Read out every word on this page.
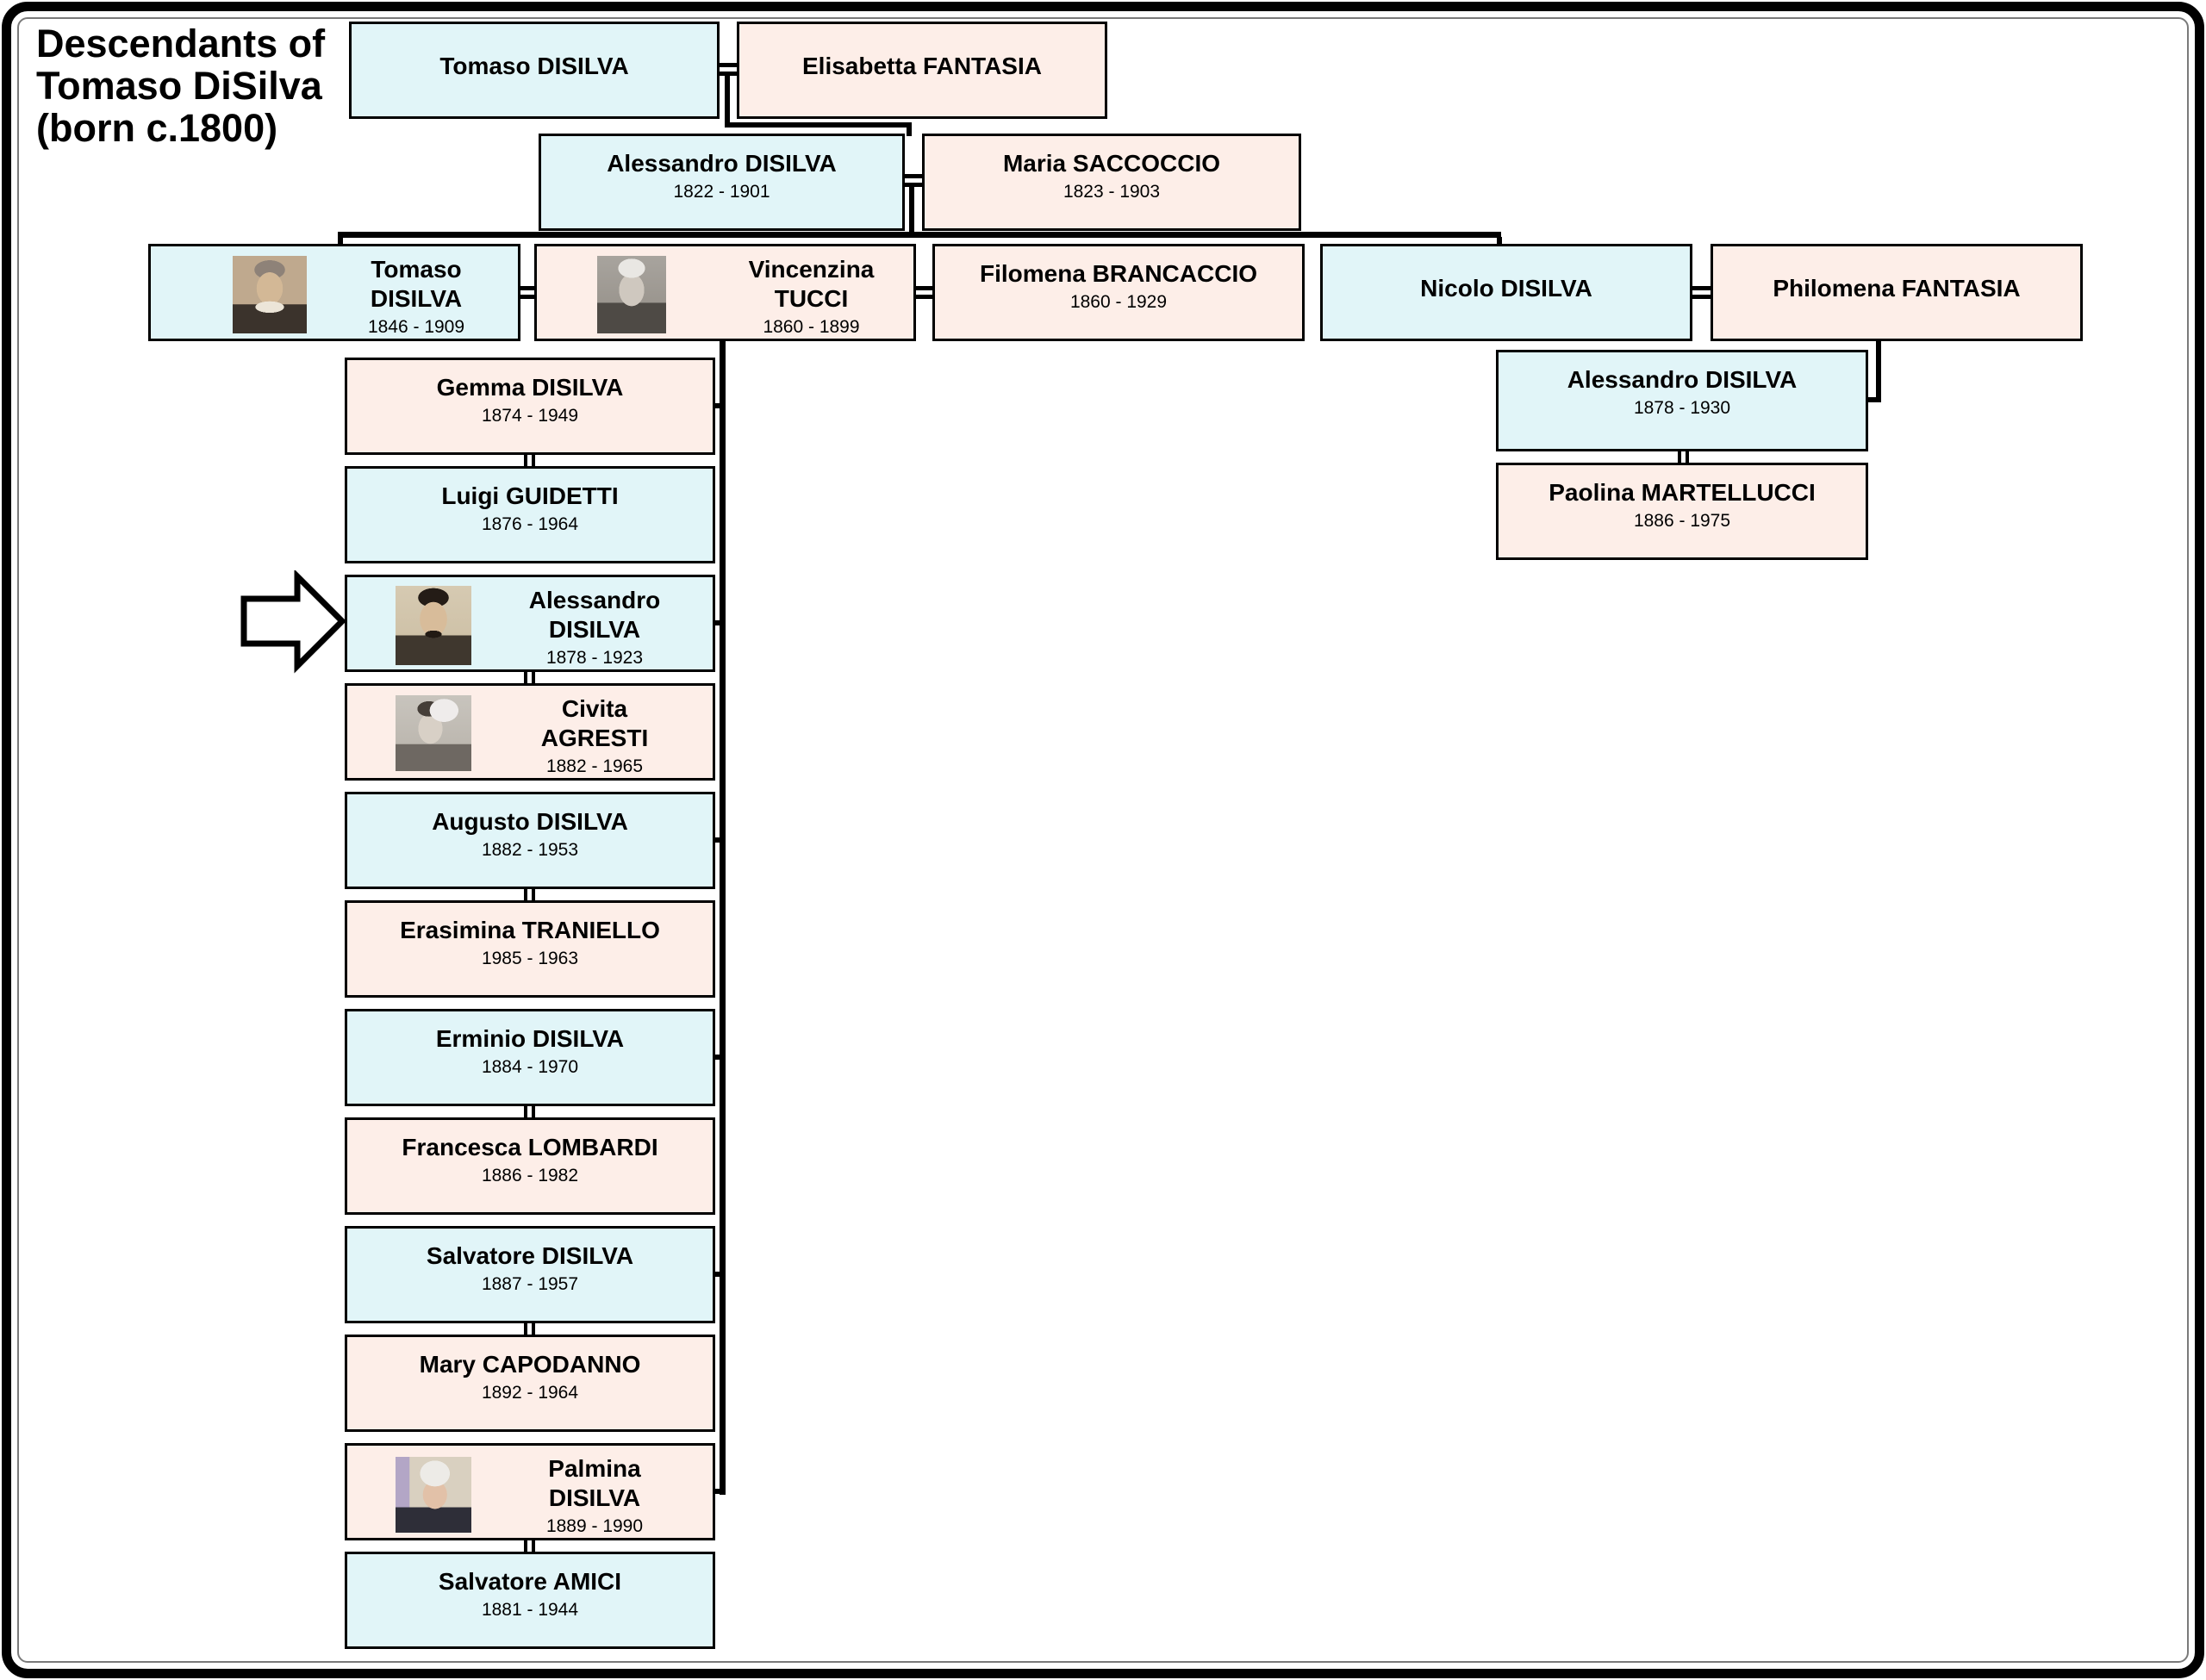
Descendants of
Tomaso DiSilva
(born c.1800)
Tomaso DISILVA	Elisabetta FANTASIA
Alessandro DISILVA
1822 - 1901
Maria SACCOCCIO
1823 - 1903
Tomaso
DISILVA
1846 - 1909
Vincenzina
TUCCI
1860 - 1899
Filomena BRANCACCIO
1860 - 1929
Nicolo DISILVA	Philomena FANTASIA
Alessandro DISILVA
1878 - 1930
Paolina MARTELLUCCI
1886 - 1975
Gemma DISILVA
1874 - 1949
Luigi GUIDETTI
1876 - 1964
Alessandro
DISILVA
1878 - 1923
Civita
AGRESTI
1882 - 1965
Augusto DISILVA
1882 - 1953
Erasimina TRANIELLO
1985 - 1963
Erminio DISILVA
1884 - 1970
Francesca LOMBARDI
1886 - 1982
Salvatore DISILVA
1887 - 1957
Mary CAPODANNO
1892 - 1964
Palmina
DISILVA
1889 - 1990
Salvatore AMICI
1881 - 1944
